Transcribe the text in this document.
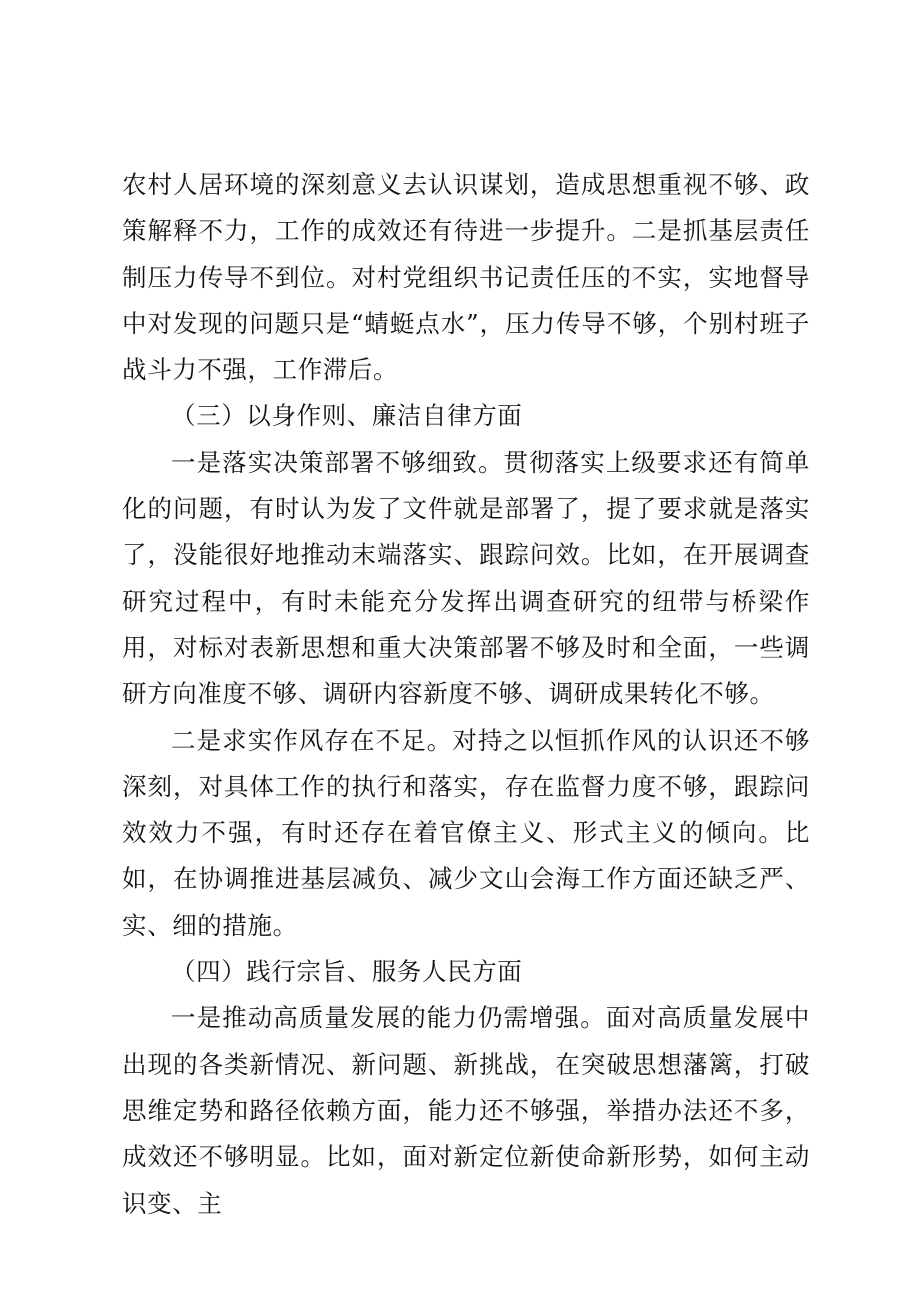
农村人居环境的深刻意义去认识谋划，造成思想重视不够、政策解释不力，工作的成效还有待进一步提升。二是抓基层责任制压力传导不到位。对村党组织书记责任压的不实，实地督导中对发现的问题只是“蜻蜓点水”，压力传导不够，个别村班子战斗力不强，工作滞后。

（三）以身作则、廉洁自律方面

一是落实决策部署不够细致。贯彻落实上级要求还有简单化的问题，有时认为发了文件就是部署了，提了要求就是落实了，没能很好地推动末端落实、跟踪问效。比如，在开展调查研究过程中，有时未能充分发挥出调查研究的纽带与桥梁作用，对标对表新思想和重大决策部署不够及时和全面，一些调研方向准度不够、调研内容新度不够、调研成果转化不够。

二是求实作风存在不足。对持之以恒抓作风的认识还不够深刻，对具体工作的执行和落实，存在监督力度不够，跟踪问效效力不强，有时还存在着官僚主义、形式主义的倾向。比如，在协调推进基层减负、减少文山会海工作方面还缺乏严、实、细的措施。

（四）践行宗旨、服务人民方面

一是推动高质量发展的能力仍需增强。面对高质量发展中出现的各类新情况、新问题、新挑战，在突破思想藩篱，打破思维定势和路径依赖方面，能力还不够强，举措办法还不多，成效还不够明显。比如，面对新定位新使命新形势，如何主动识变、主
